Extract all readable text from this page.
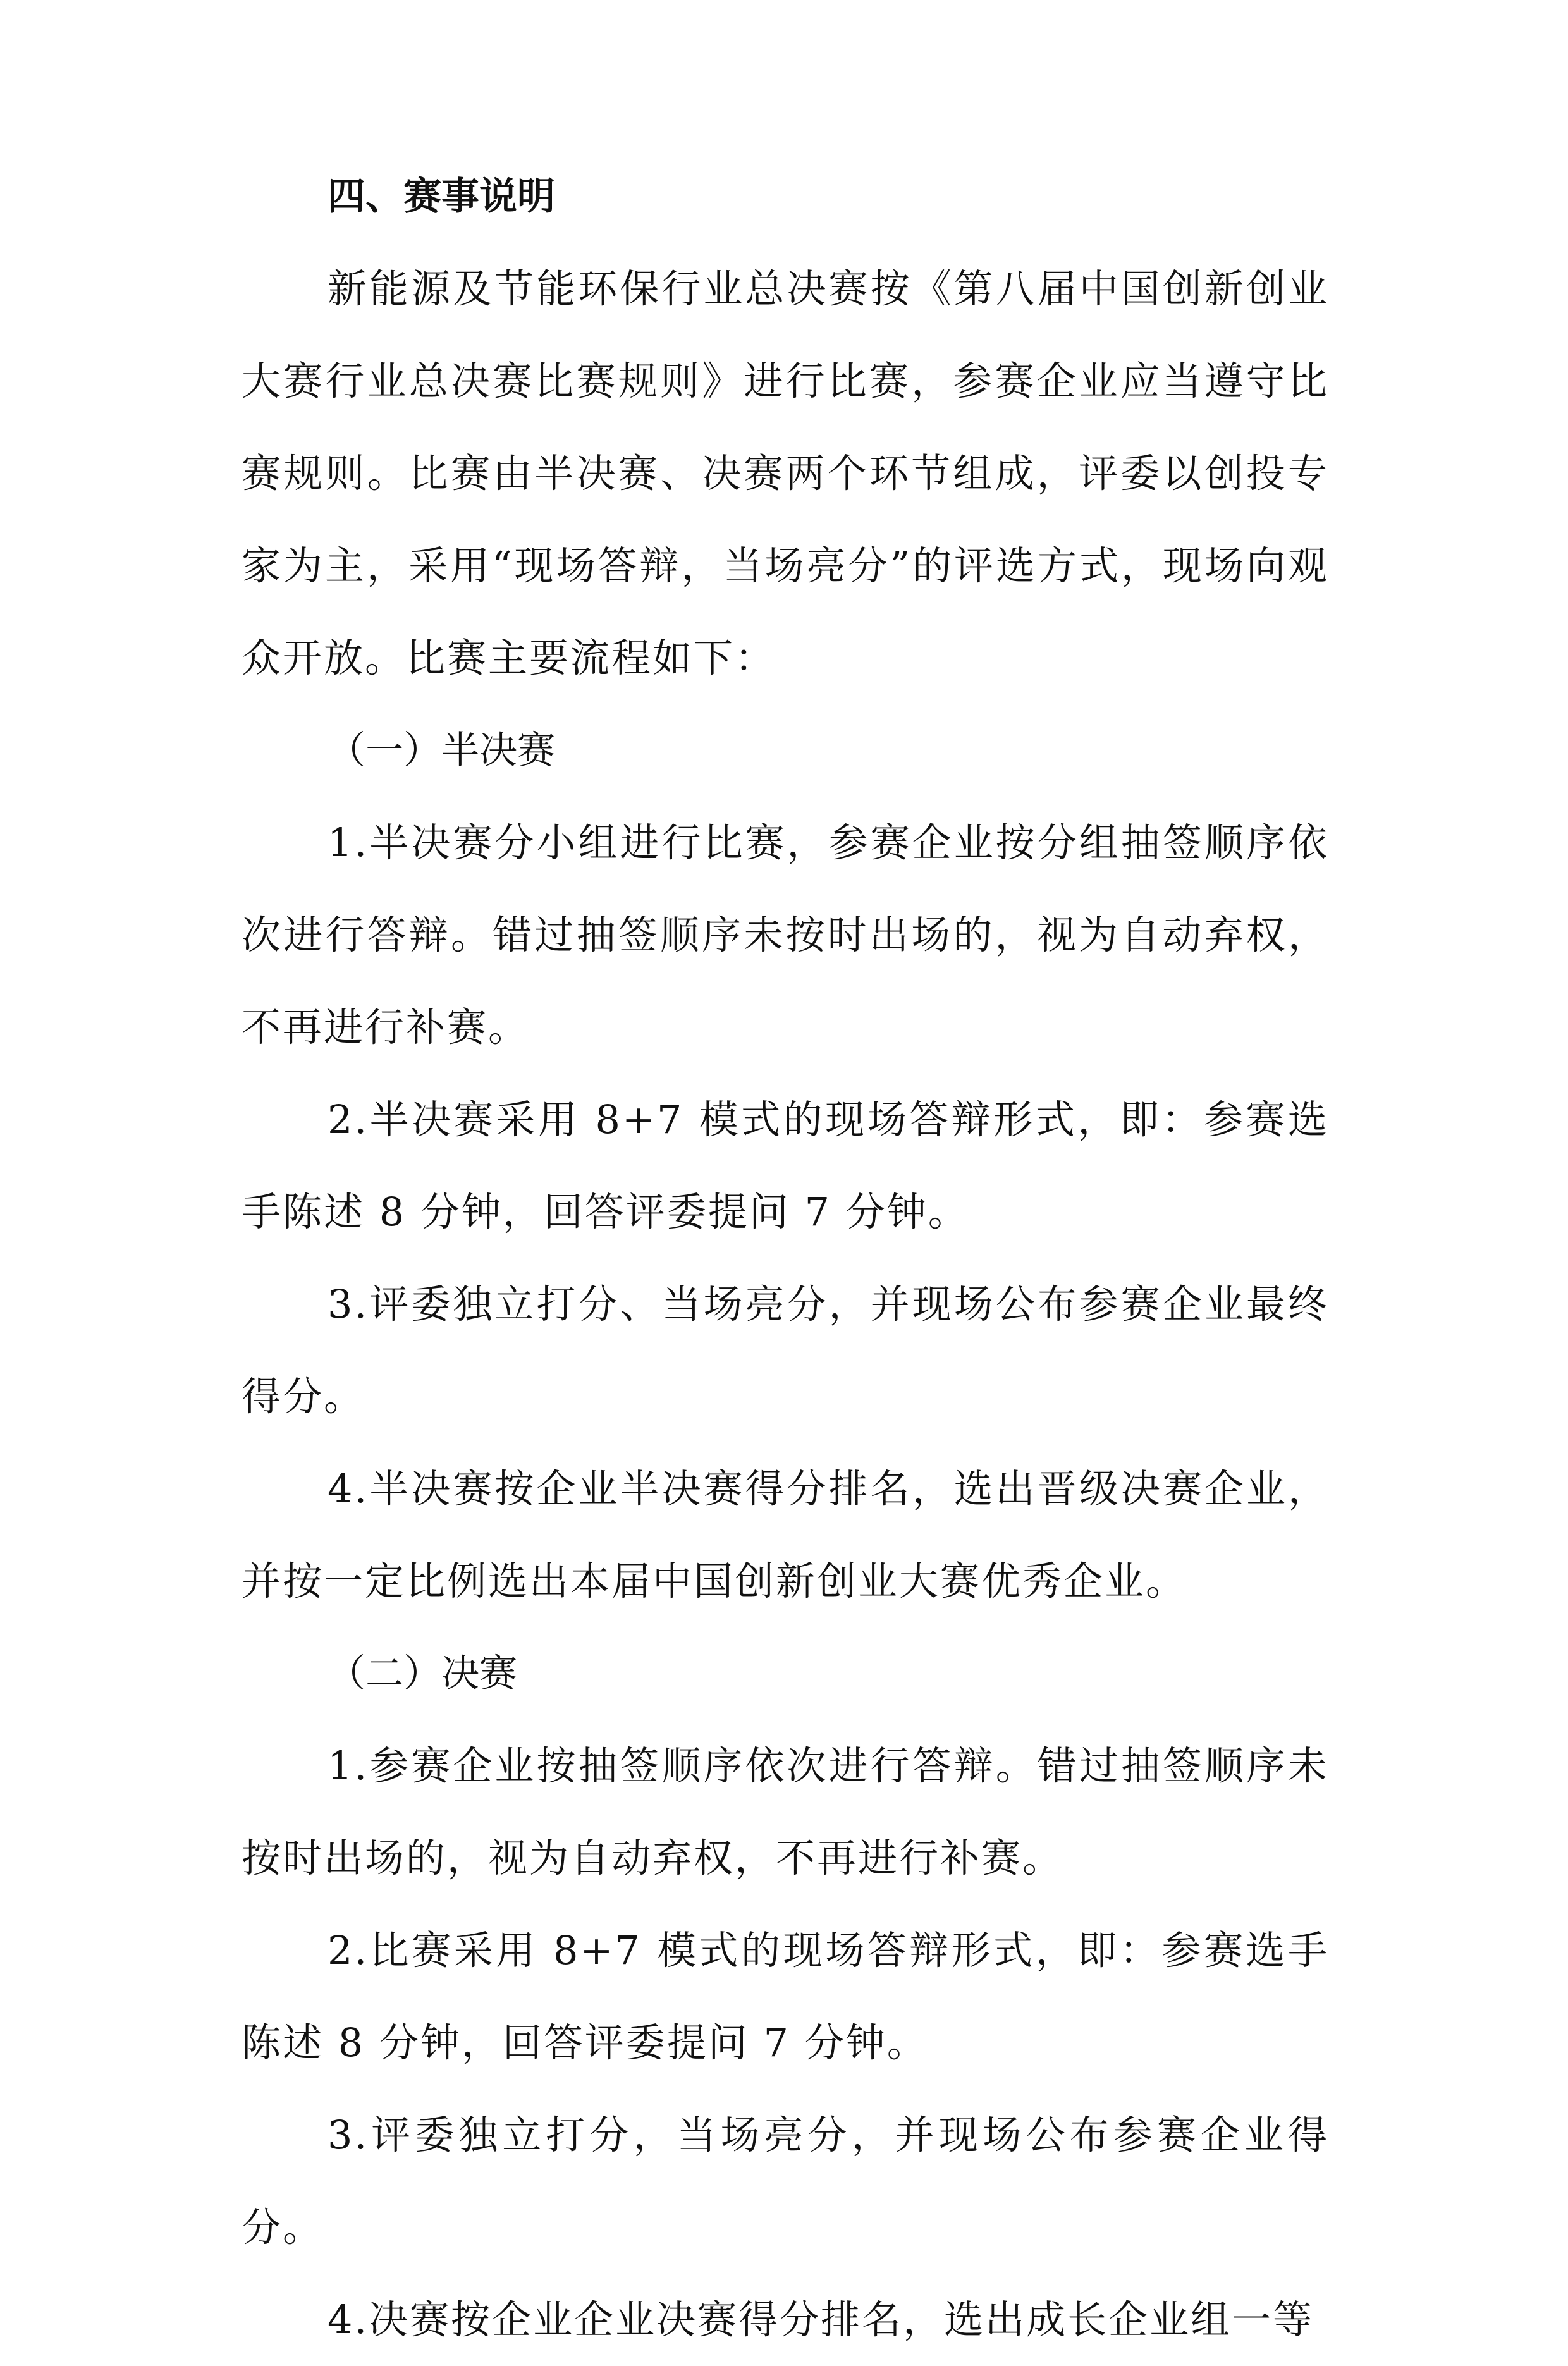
四、赛事说明

新能源及节能环保行业总决赛按《第八届中国创新创业大赛行业总决赛比赛规则》进行比赛，参赛企业应当遵守比赛规则。比赛由半决赛、决赛两个环节组成，评委以创投专家为主，采用“现场答辩，当场亮分”的评选方式，现场向观众开放。比赛主要流程如下：

（一）半决赛

1.半决赛分小组进行比赛，参赛企业按分组抽签顺序依次进行答辩。错过抽签顺序未按时出场的，视为自动弃权，不再进行补赛。

2.半决赛采用 8+7 模式的现场答辩形式，即：参赛选手陈述 8 分钟，回答评委提问 7 分钟。

3.评委独立打分、当场亮分，并现场公布参赛企业最终得分。

4.半决赛按企业半决赛得分排名，选出晋级决赛企业，并按一定比例选出本届中国创新创业大赛优秀企业。

（二）决赛

1.参赛企业按抽签顺序依次进行答辩。错过抽签顺序未按时出场的，视为自动弃权，不再进行补赛。

2.比赛采用 8+7 模式的现场答辩形式，即：参赛选手陈述 8 分钟，回答评委提问 7 分钟。

3.评委独立打分，当场亮分，并现场公布参赛企业得分。

4.决赛按企业企业决赛得分排名，选出成长企业组一等
